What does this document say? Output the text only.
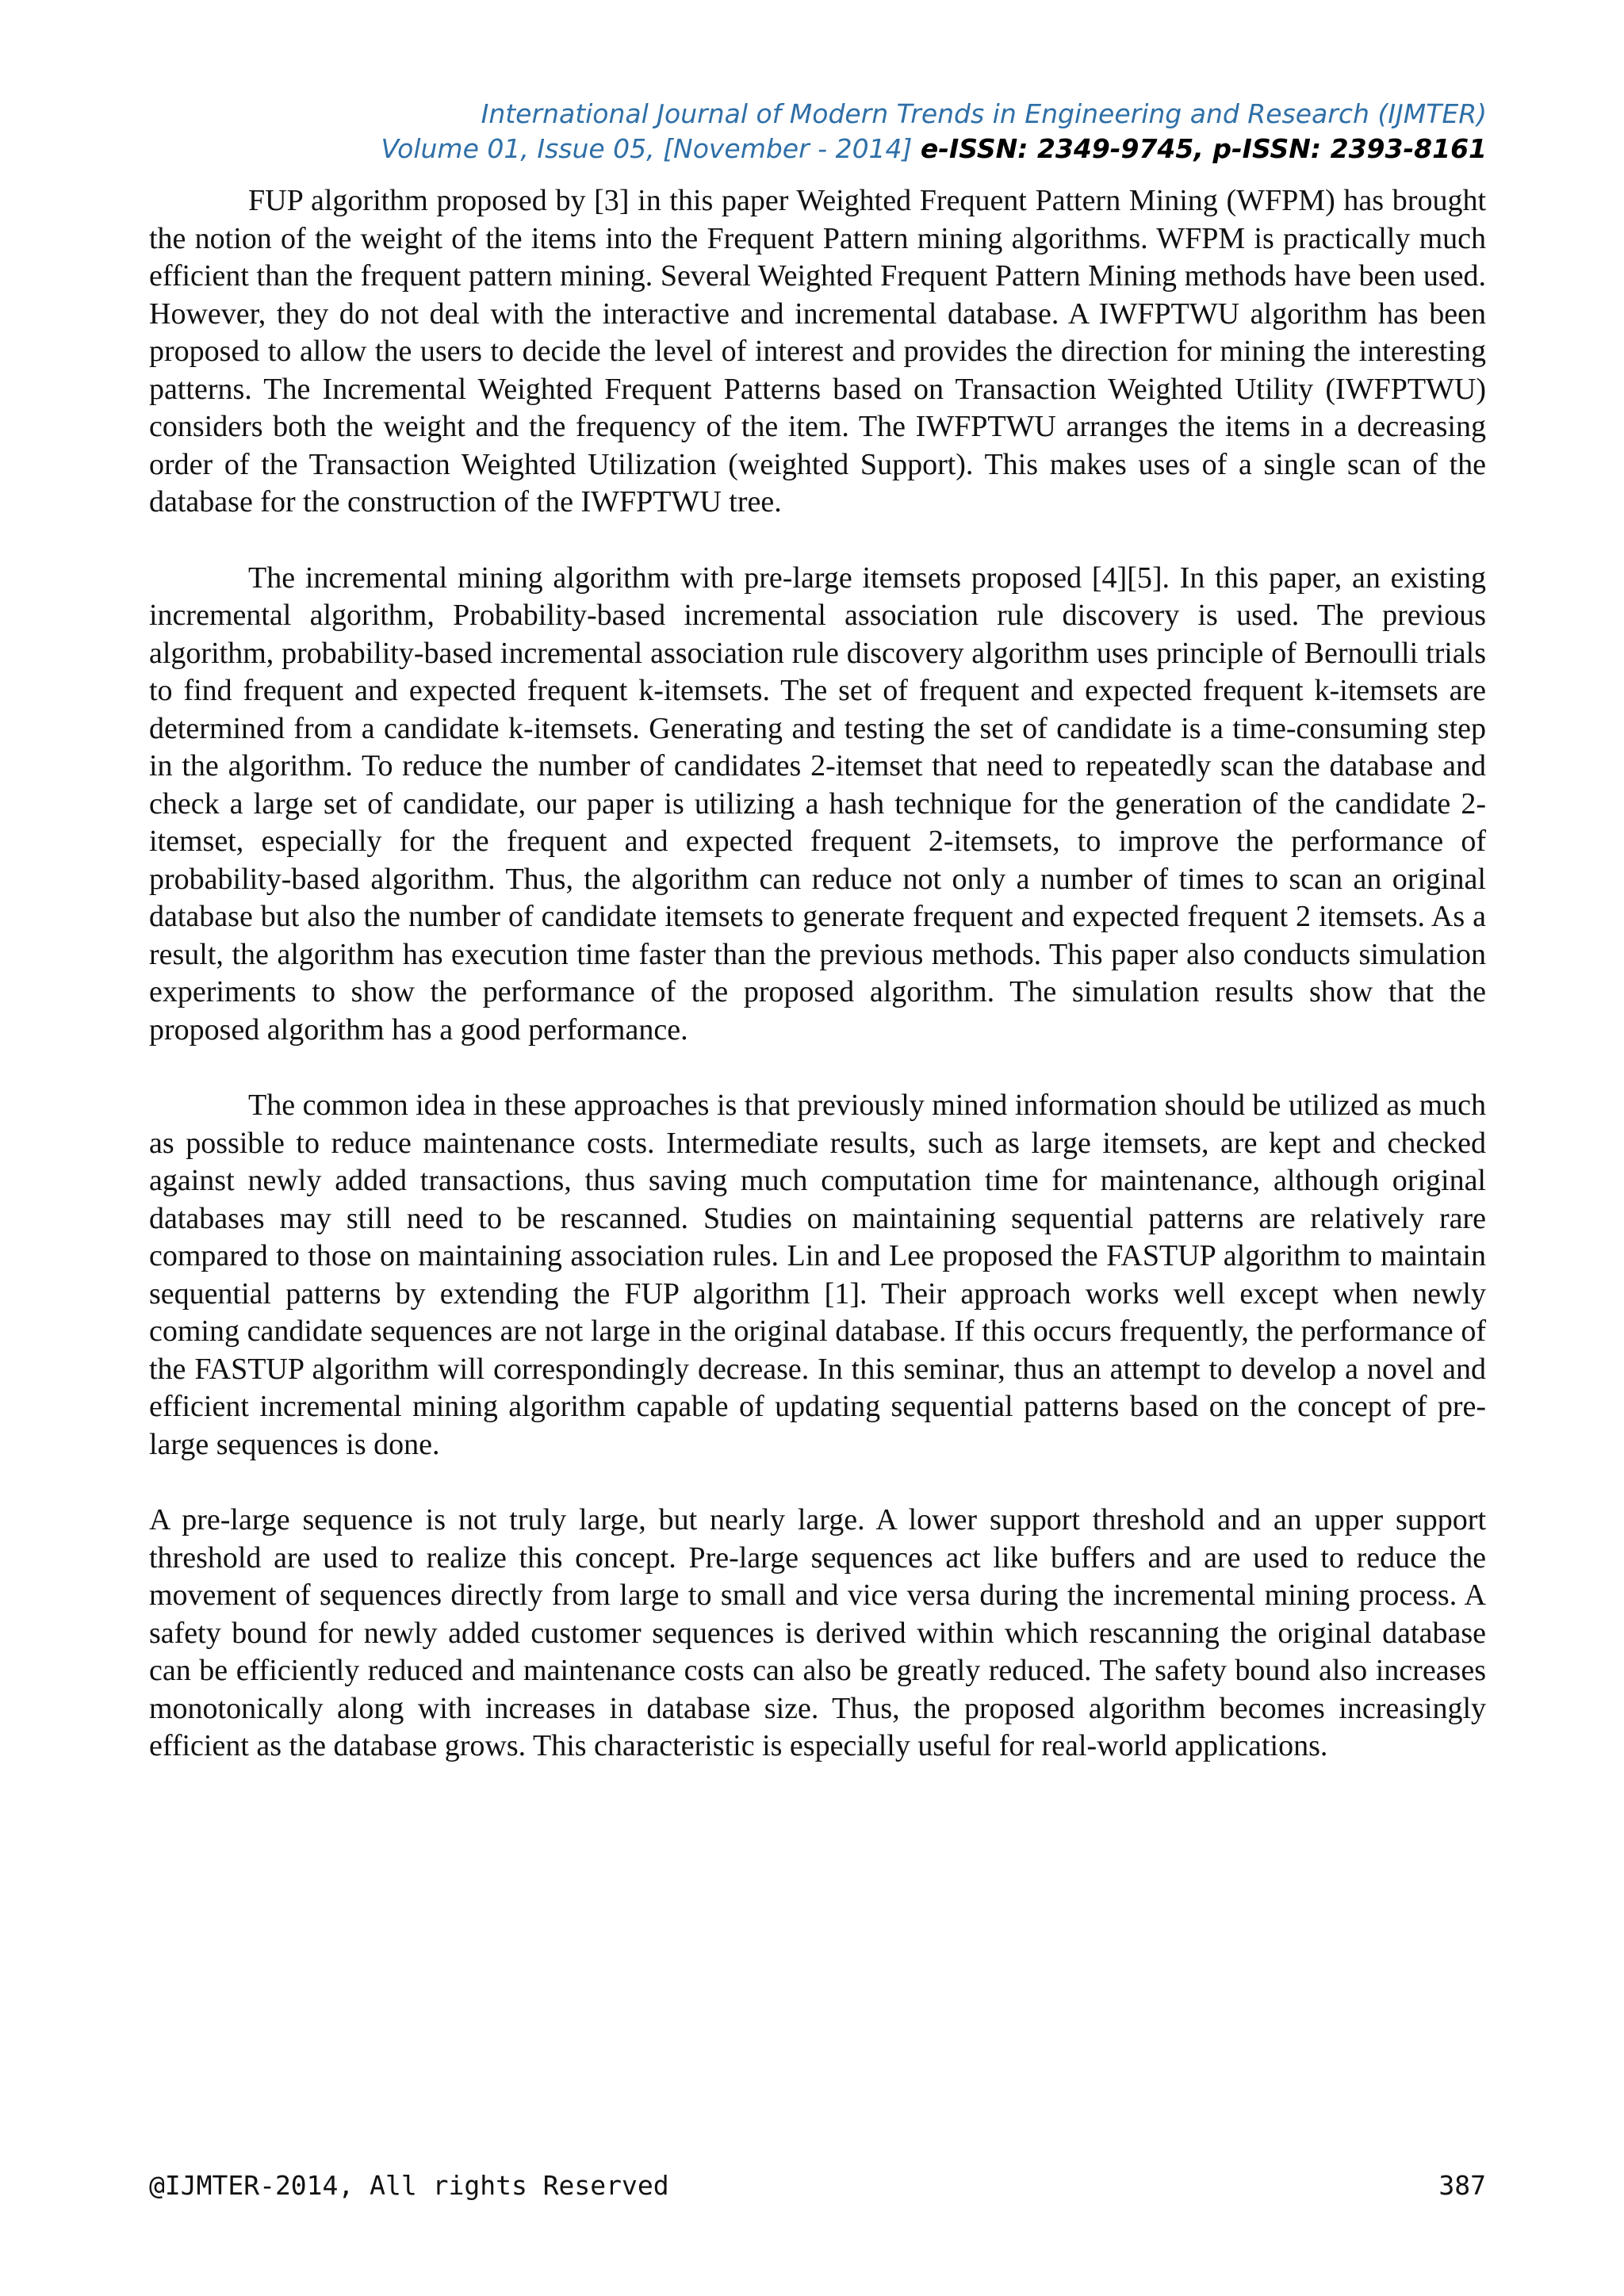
International Journal of Modern Trends in Engineering and Research (IJMTER)
Volume 01, Issue 05, [November - 2014] e-ISSN: 2349-9745, p-ISSN: 2393-8161

FUP algorithm proposed by [3] in this paper Weighted Frequent Pattern Mining (WFPM) has brought the notion of the weight of the items into the Frequent Pattern mining algorithms. WFPM is practically much efficient than the frequent pattern mining. Several Weighted Frequent Pattern Mining methods have been used. However, they do not deal with the interactive and incremental database. A IWFPTWU algorithm has been proposed to allow the users to decide the level of interest and provides the direction for mining the interesting patterns. The Incremental Weighted Frequent Patterns based on Transaction Weighted Utility (IWFPTWU) considers both the weight and the frequency of the item. The IWFPTWU arranges the items in a decreasing order of the Transaction Weighted Utilization (weighted Support). This makes uses of a single scan of the database for the construction of the IWFPTWU tree.

The incremental mining algorithm with pre-large itemsets proposed [4][5]. In this paper, an existing incremental algorithm, Probability-based incremental association rule discovery is used. The previous algorithm, probability-based incremental association rule discovery algorithm uses principle of Bernoulli trials to find frequent and expected frequent k-itemsets. The set of frequent and expected frequent k-itemsets are determined from a candidate k-itemsets. Generating and testing the set of candidate is a time-consuming step in the algorithm. To reduce the number of candidates 2-itemset that need to repeatedly scan the database and check a large set of candidate, our paper is utilizing a hash technique for the generation of the candidate 2-itemset, especially for the frequent and expected frequent 2-itemsets, to improve the performance of probability-based algorithm. Thus, the algorithm can reduce not only a number of times to scan an original database but also the number of candidate itemsets to generate frequent and expected frequent 2 itemsets. As a result, the algorithm has execution time faster than the previous methods. This paper also conducts simulation experiments to show the performance of the proposed algorithm. The simulation results show that the proposed algorithm has a good performance.

The common idea in these approaches is that previously mined information should be utilized as much as possible to reduce maintenance costs. Intermediate results, such as large itemsets, are kept and checked against newly added transactions, thus saving much computation time for maintenance, although original databases may still need to be rescanned. Studies on maintaining sequential patterns are relatively rare compared to those on maintaining association rules. Lin and Lee proposed the FASTUP algorithm to maintain sequential patterns by extending the FUP algorithm [1]. Their approach works well except when newly coming candidate sequences are not large in the original database. If this occurs frequently, the performance of the FASTUP algorithm will correspondingly decrease. In this seminar, thus an attempt to develop a novel and efficient incremental mining algorithm capable of updating sequential patterns based on the concept of pre-large sequences is done.

A pre-large sequence is not truly large, but nearly large. A lower support threshold and an upper support threshold are used to realize this concept. Pre-large sequences act like buffers and are used to reduce the movement of sequences directly from large to small and vice versa during the incremental mining process. A safety bound for newly added customer sequences is derived within which rescanning the original database can be efficiently reduced and maintenance costs can also be greatly reduced. The safety bound also increases monotonically along with increases in database size. Thus, the proposed algorithm becomes increasingly efficient as the database grows. This characteristic is especially useful for real-world applications.

@IJMTER-2014, All rights Reserved	387
